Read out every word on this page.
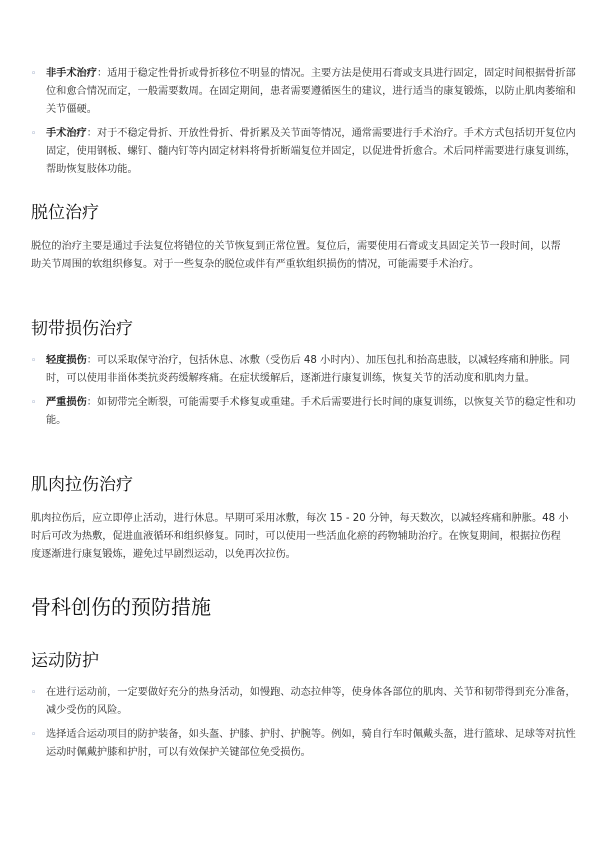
◦ 非手术治疗：适用于稳定性骨折或骨折移位不明显的情况。主要方法是使用石膏或支具进行固定，固定时间根据骨折部位和愈合情况而定，一般需要数周。在固定期间，患者需要遵循医生的建议，进行适当的康复锻炼，以防止肌肉萎缩和关节僵硬。
◦ 手术治疗：对于不稳定骨折、开放性骨折、骨折累及关节面等情况，通常需要进行手术治疗。手术方式包括切开复位内固定，使用钢板、螺钉、髓内钉等内固定材料将骨折断端复位并固定，以促进骨折愈合。术后同样需要进行康复训练，帮助恢复肢体功能。
脱位治疗

脱位的治疗主要是通过手法复位将错位的关节恢复到正常位置。复位后，需要使用石膏或支具固定关节一段时间，以帮助关节周围的软组织修复。对于一些复杂的脱位或伴有严重软组织损伤的情况，可能需要手术治疗。

韧带损伤治疗
◦ 轻度损伤：可以采取保守治疗，包括休息、冰敷（受伤后 48 小时内）、加压包扎和抬高患肢，以减轻疼痛和肿胀。同时，可以使用非甾体类抗炎药缓解疼痛。在症状缓解后，逐渐进行康复训练，恢复关节的活动度和肌肉力量。
◦ 严重损伤：如韧带完全断裂，可能需要手术修复或重建。手术后需要进行长时间的康复训练，以恢复关节的稳定性和功能。
肌肉拉伤治疗

肌肉拉伤后，应立即停止活动，进行休息。早期可采用冰敷，每次 15 - 20 分钟，每天数次，以减轻疼痛和肿胀。48 小时后可改为热敷，促进血液循环和组织修复。同时，可以使用一些活血化瘀的药物辅助治疗。在恢复期间，根据拉伤程度逐渐进行康复锻炼，避免过早剧烈运动，以免再次拉伤。

骨科创伤的预防措施
运动防护
◦ 在进行运动前，一定要做好充分的热身活动，如慢跑、动态拉伸等，使身体各部位的肌肉、关节和韧带得到充分准备，减少受伤的风险。
◦ 选择适合运动项目的防护装备，如头盔、护膝、护肘、护腕等。例如，骑自行车时佩戴头盔，进行篮球、足球等对抗性运动时佩戴护膝和护肘，可以有效保护关键部位免受损伤。
